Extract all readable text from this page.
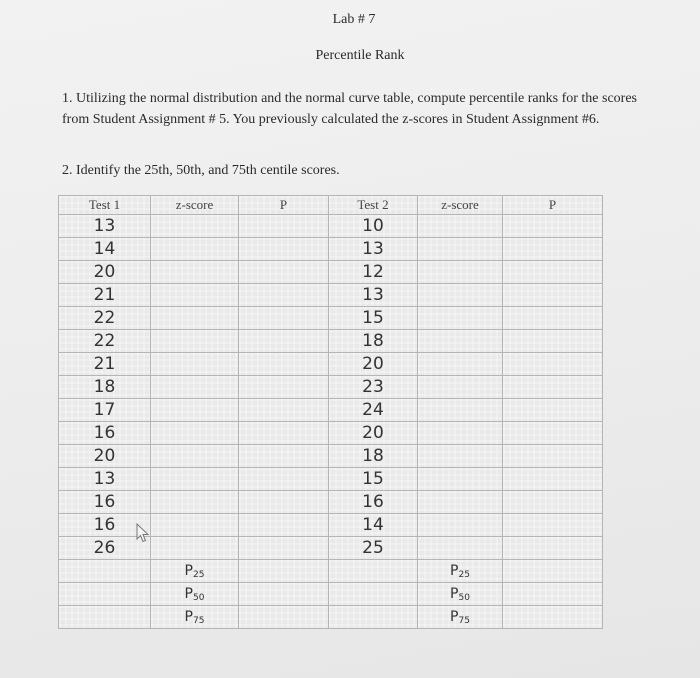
Lab # 7
Percentile Rank
1. Utilizing the normal distribution and the normal curve table, compute percentile ranks for the scores from Student Assignment # 5. You previously calculated the z-scores in Student Assignment #6.
2. Identify the 25th, 50th, and 75th centile scores.
Test 1	z-score	P	Test 2	z-score	P
13			10		
14			13		
20			12		
21			13		
22			15		
22			18		
21			20		
18			23		
17			24		
16			20		
20			18		
13			15		
16			16		
16			14		
26			25		
	$P_{25}$			$P_{25}$	
	$P_{50}$			$P_{50}$	
	$P_{75}$			$P_{75}$	
